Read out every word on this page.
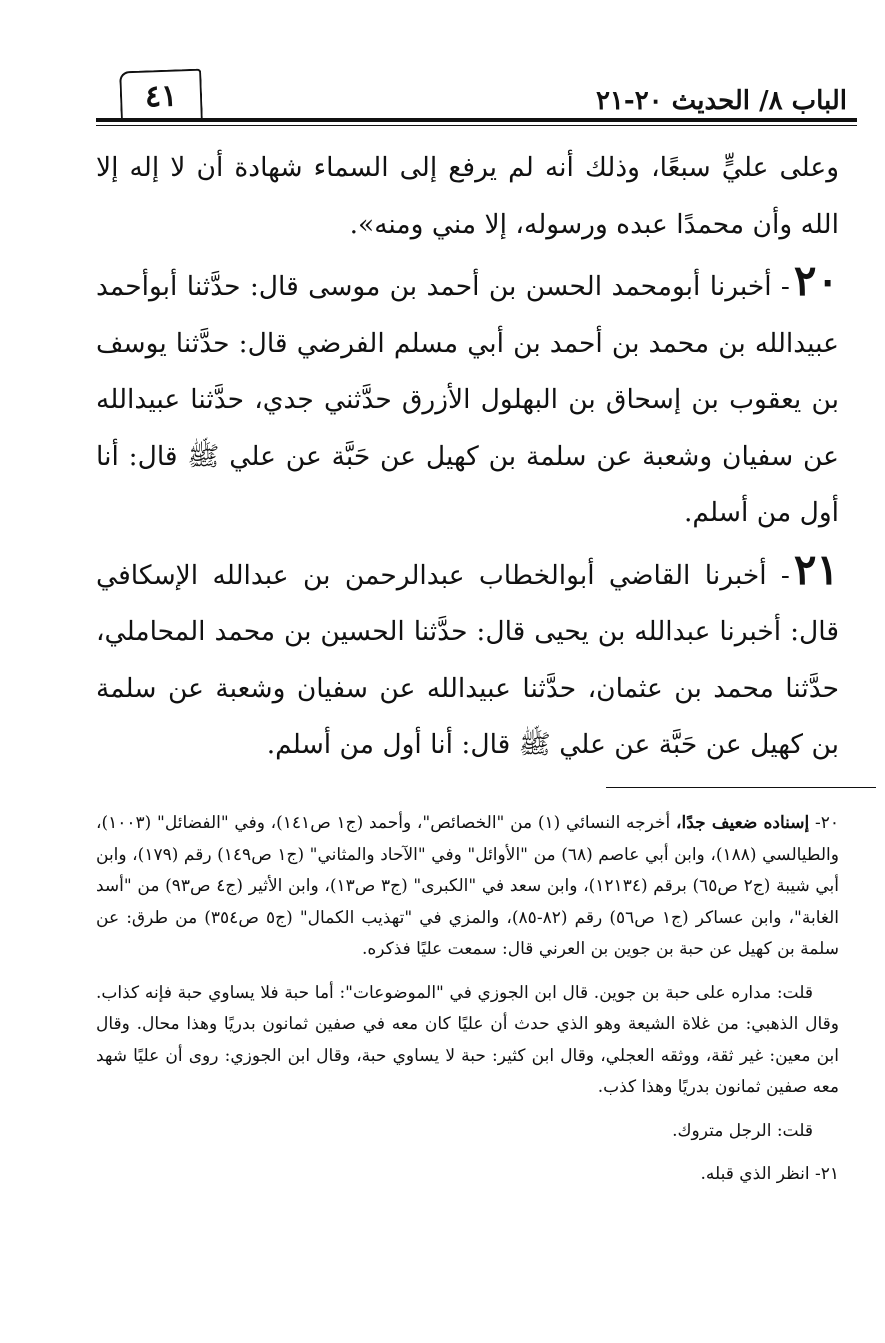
الباب ٨/ الحديث ٢٠-٢١
٤١

وعلى عليٍّ سبعًا، وذلك أنه لم يرفع إلى السماء شهادة أن لا إله إلا الله وأن محمدًا عبده ورسوله، إلا مني ومنه».

٢٠- أخبرنا أبومحمد الحسن بن أحمد بن موسى قال: حدَّثنا أبوأحمد عبيدالله بن محمد بن أحمد بن أبي مسلم الفرضي قال: حدَّثنا يوسف بن يعقوب بن إسحاق بن البهلول الأزرق حدَّثني جدي، حدَّثنا عبيدالله عن سفيان وشعبة عن سلمة بن كهيل عن حَبَّة عن علي ﷺ قال: أنا أول من أسلم.

٢١- أخبرنا القاضي أبوالخطاب عبدالرحمن بن عبدالله الإسكافي قال: أخبرنا عبدالله بن يحيى قال: حدَّثنا الحسين بن محمد المحاملي، حدَّثنا محمد بن عثمان، حدَّثنا عبيدالله عن سفيان وشعبة عن سلمة بن كهيل عن حَبَّة عن علي ﷺ قال: أنا أول من أسلم.

٢٠- إسناده ضعيف جدًا، أخرجه النسائي (١) من "الخصائص"، وأحمد (ج١ ص١٤١)، وفي "الفضائل" (١٠٠٣)، والطيالسي (١٨٨)، وابن أبي عاصم (٦٨) من "الأوائل" وفي "الآحاد والمثاني" (ج١ ص١٤٩) رقم (١٧٩)، وابن أبي شيبة (ج٢ ص٦٥) برقم (١٢١٣٤)، وابن سعد في "الكبرى" (ج٣ ص١٣)، وابن الأثير (ج٤ ص٩٣) من "أسد الغابة"، وابن عساكر (ج١ ص٥٦) رقم (٨٢-٨٥)، والمزي في "تهذيب الكمال" (ج٥ ص٣٥٤) من طرق: عن سلمة بن كهيل عن حبة بن جوين بن العرني قال: سمعت عليًا فذكره.

قلت: مداره على حبة بن جوين. قال ابن الجوزي في "الموضوعات": أما حبة فلا يساوي حبة فإنه كذاب. وقال الذهبي: من غلاة الشيعة وهو الذي حدث أن عليًا كان معه في صفين ثمانون بدريًا وهذا محال. وقال ابن معين: غير ثقة، ووثقه العجلي، وقال ابن كثير: حبة لا يساوي حبة، وقال ابن الجوزي: روى أن عليًا شهد معه صفين ثمانون بدريًا وهذا كذب.

قلت: الرجل متروك.

٢١- انظر الذي قبله.
